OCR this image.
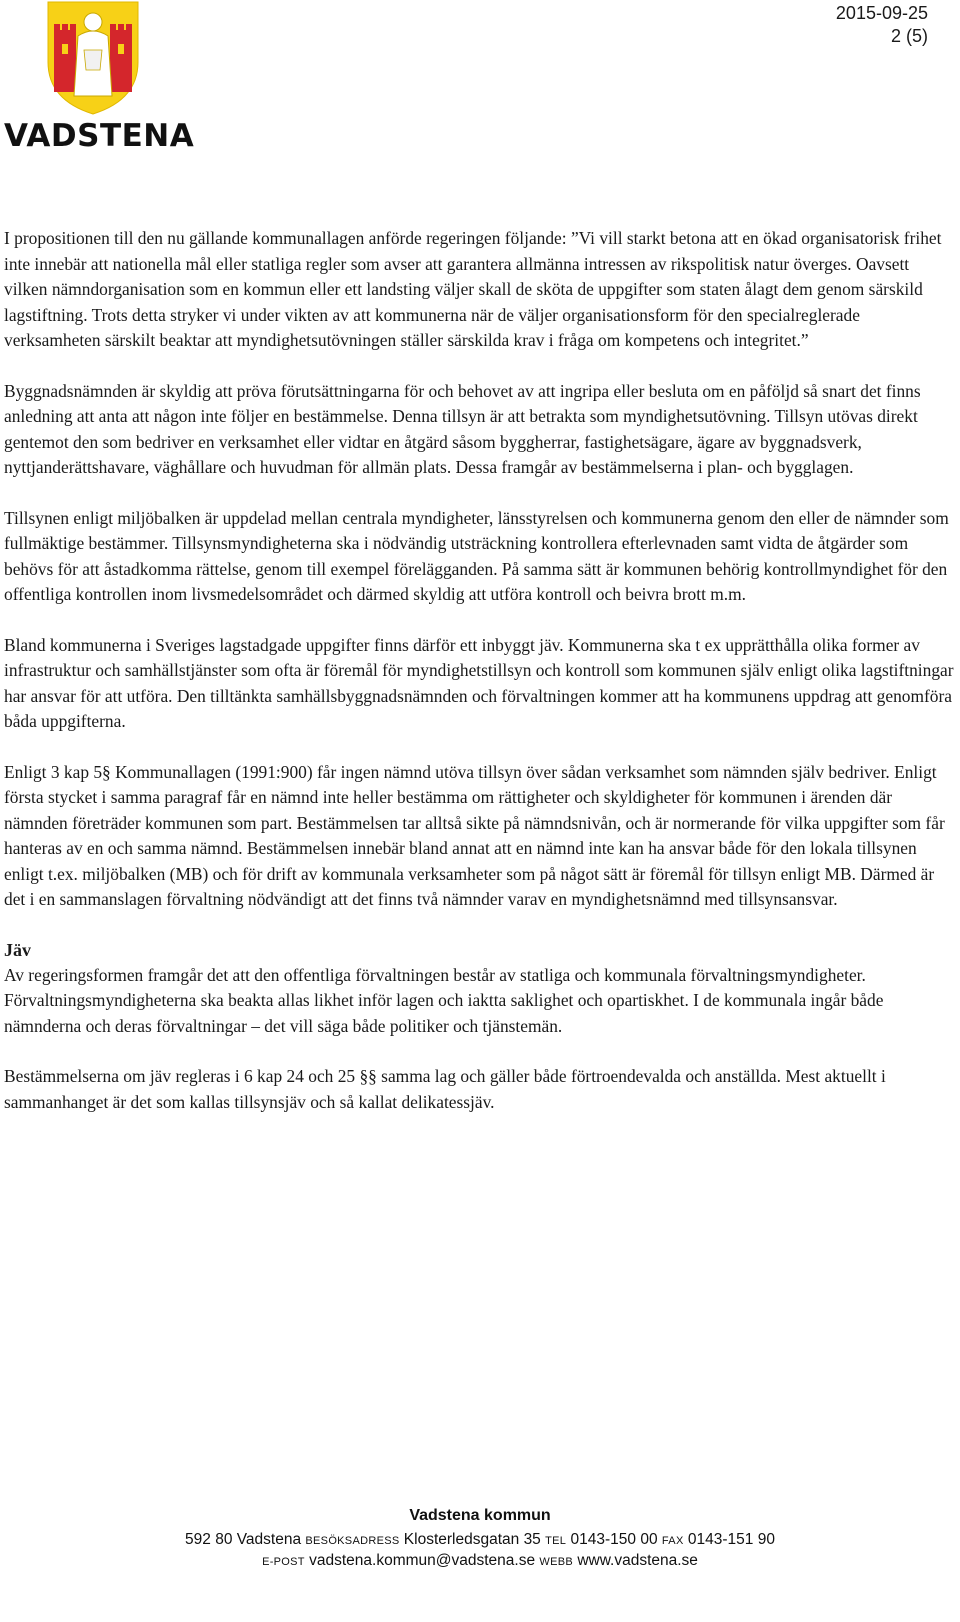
VADSTENA
2015-09-25
2 (5)

I propositionen till den nu gällande kommunallagen anförde regeringen följande: ”Vi vill starkt betona att en ökad organisatorisk frihet inte innebär att nationella mål eller statliga regler som avser att garantera allmänna intressen av rikspolitisk natur överges. Oavsett vilken nämndorganisation som en kommun eller ett landsting väljer skall de sköta de uppgifter som staten ålagt dem genom särskild lagstiftning. Trots detta stryker vi under vikten av att kommunerna när de väljer organisationsform för den specialreglerade verksamheten särskilt beaktar att myndighetsutövningen ställer särskilda krav i fråga om kompetens och integritet.”

Byggnadsnämnden är skyldig att pröva förutsättningarna för och behovet av att ingripa eller besluta om en påföljd så snart det finns anledning att anta att någon inte följer en bestämmelse. Denna tillsyn är att betrakta som myndighetsutövning. Tillsyn utövas direkt gentemot den som bedriver en verksamhet eller vidtar en åtgärd såsom byggherrar, fastighetsägare, ägare av byggnadsverk, nyttjanderättshavare, väghållare och huvudman för allmän plats. Dessa framgår av bestämmelserna i plan- och bygglagen.

Tillsynen enligt miljöbalken är uppdelad mellan centrala myndigheter, länsstyrelsen och kommunerna genom den eller de nämnder som fullmäktige bestämmer. Tillsynsmyndigheterna ska i nödvändig utsträckning kontrollera efterlevnaden samt vidta de åtgärder som behövs för att åstadkomma rättelse, genom till exempel förelägganden. På samma sätt är kommunen behörig kontrollmyndighet för den offentliga kontrollen inom livsmedelsområdet och därmed skyldig att utföra kontroll och beivra brott m.m.

Bland kommunerna i Sveriges lagstadgade uppgifter finns därför ett inbyggt jäv. Kommunerna ska t ex upprätthålla olika former av infrastruktur och samhällstjänster som ofta är föremål för myndighetstillsyn och kontroll som kommunen själv enligt olika lagstiftningar har ansvar för att utföra. Den tilltänkta samhällsbyggnadsnämnden och förvaltningen kommer att ha kommunens uppdrag att genomföra båda uppgifterna.

Enligt 3 kap 5§ Kommunallagen (1991:900) får ingen nämnd utöva tillsyn över sådan verksamhet som nämnden själv bedriver. Enligt första stycket i samma paragraf får en nämnd inte heller bestämma om rättigheter och skyldigheter för kommunen i ärenden där nämnden företräder kommunen som part. Bestämmelsen tar alltså sikte på nämndsnivån, och är normerande för vilka uppgifter som får hanteras av en och samma nämnd. Bestämmelsen innebär bland annat att en nämnd inte kan ha ansvar både för den lokala tillsynen enligt t.ex. miljöbalken (MB) och för drift av kommunala verksamheter som på något sätt är föremål för tillsyn enligt MB. Därmed är det i en sammanslagen förvaltning nödvändigt att det finns två nämnder varav en myndighetsnämnd med tillsynsansvar.

Jäv

Av regeringsformen framgår det att den offentliga förvaltningen består av statliga och kommunala förvaltningsmyndigheter. Förvaltningsmyndigheterna ska beakta allas likhet inför lagen och iaktta saklighet och opartiskhet. I de kommunala ingår både nämnderna och deras förvaltningar – det vill säga både politiker och tjänstemän.

Bestämmelserna om jäv regleras i 6 kap 24 och 25 §§ samma lag och gäller både förtroendevalda och anställda. Mest aktuellt i sammanhanget är det som kallas tillsynsjäv och så kallat delikatessjäv.

Vadstena kommun
592 80 Vadstena BESÖKSADRESS Klosterledsgatan 35 TEL 0143-150 00 FAX 0143-151 90
E-POST vadstena.kommun@vadstena.se WEBB www.vadstena.se
